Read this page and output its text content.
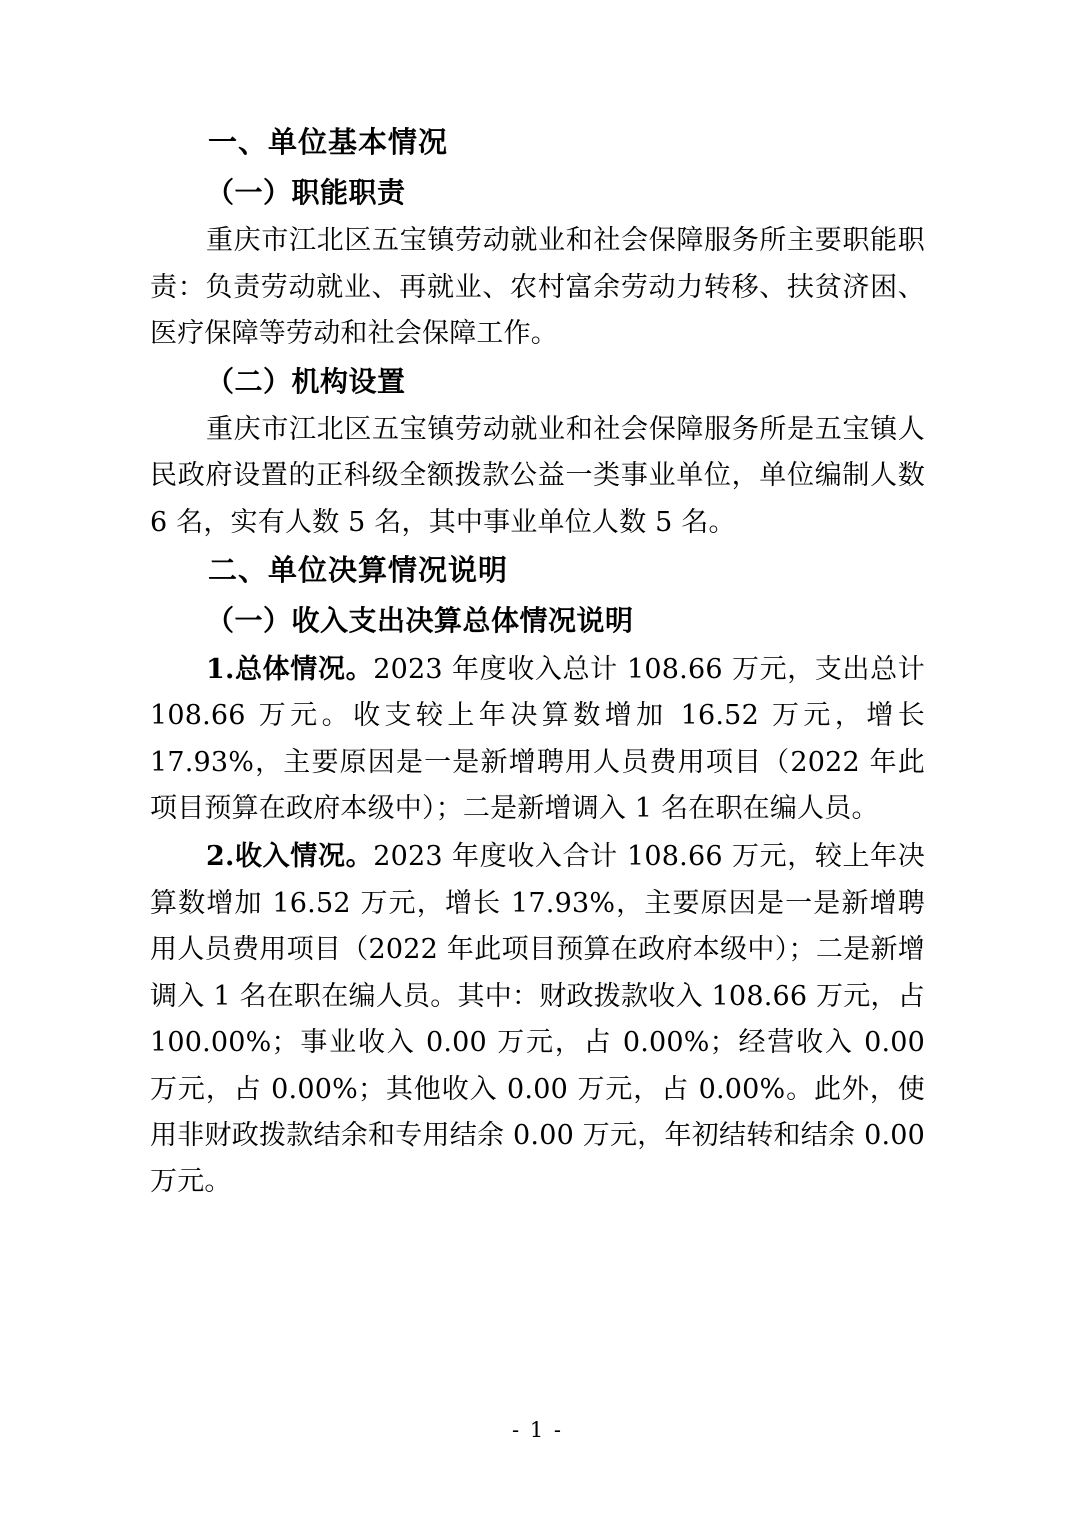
一、单位基本情况
（一）职能职责

重庆市江北区五宝镇劳动就业和社会保障服务所主要职能职责：负责劳动就业、再就业、农村富余劳动力转移、扶贫济困、医疗保障等劳动和社会保障工作。

（二）机构设置

重庆市江北区五宝镇劳动就业和社会保障服务所是五宝镇人民政府设置的正科级全额拨款公益一类事业单位，单位编制人数 6 名，实有人数 5 名，其中事业单位人数 5 名。

二、单位决算情况说明
（一）收入支出决算总体情况说明

1.总体情况。2023 年度收入总计 108.66 万元，支出总计 108.66 万元。收支较上年决算数增加 16.52 万元，增长 17.93%，主要原因是一是新增聘用人员费用项目（2022 年此项目预算在政府本级中）；二是新增调入 1 名在职在编人员。

2.收入情况。2023 年度收入合计 108.66 万元，较上年决算数增加 16.52 万元，增长 17.93%，主要原因是一是新增聘用人员费用项目（2022 年此项目预算在政府本级中）；二是新增调入 1 名在职在编人员。其中：财政拨款收入 108.66 万元，占 100.00%；事业收入 0.00 万元，占 0.00%；经营收入 0.00 万元，占 0.00%；其他收入 0.00 万元，占 0.00%。此外，使用非财政拨款结余和专用结余 0.00 万元，年初结转和结余 0.00 万元。

- 1 -
